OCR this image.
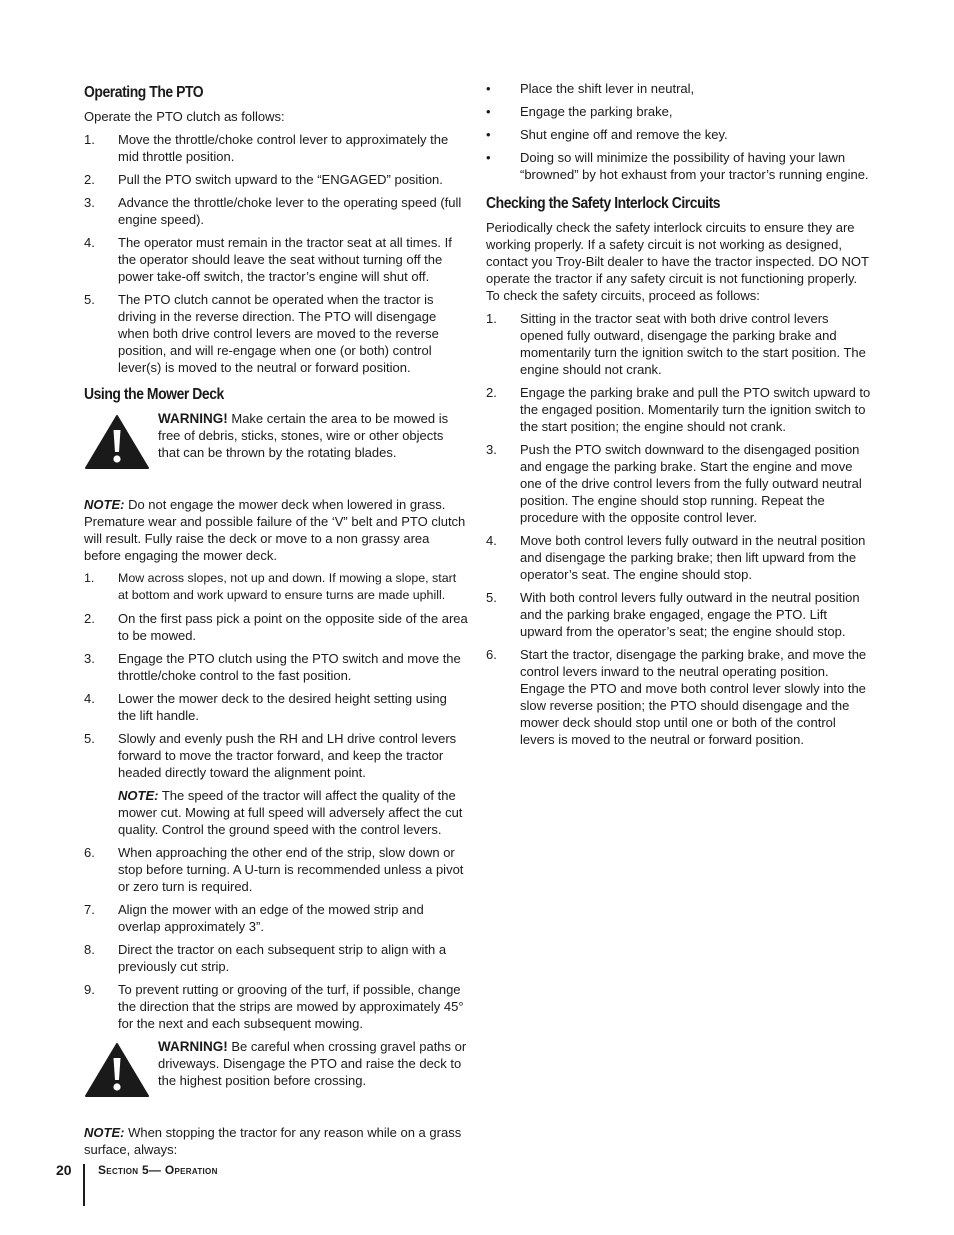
Operating The PTO

Operate the PTO clutch as follows:

1. Move the throttle/choke control lever to approximately the mid throttle position.
2. Pull the PTO switch upward to the “ENGAGED” position.
3. Advance the throttle/choke lever to the operating speed (full engine speed).
4. The operator must remain in the tractor seat at all times. If the operator should leave the seat without turning off the power take-off switch, the tractor’s engine will shut off.
5. The PTO clutch cannot be operated when the tractor is driving in the reverse direction. The PTO will disengage when both drive control levers are moved to the reverse position, and will re-engage when one (or both) control lever(s) is moved to the neutral or forward position.
Using the Mower Deck
WARNING! Make certain the area to be mowed is free of debris, sticks, stones, wire or other objects that can be thrown by the rotating blades.

NOTE: Do not engage the mower deck when lowered in grass. Premature wear and possible failure of the ‘V” belt and PTO clutch will result. Fully raise the deck or move to a non grassy area before engaging the mower deck.

1. Mow across slopes, not up and down. If mowing a slope, start at bottom and work upward to ensure turns are made uphill.
2. On the first pass pick a point on the opposite side of the area to be mowed.
3. Engage the PTO clutch using the PTO switch and move the throttle/choke control to the fast position.
4. Lower the mower deck to the desired height setting using the lift handle.
5. Slowly and evenly push the RH and LH drive control levers forward to move the tractor forward, and keep the tractor headed directly toward the alignment point.
NOTE: The speed of the tractor will affect the quality of the mower cut. Mowing at full speed will adversely affect the cut quality. Control the ground speed with the control levers.
6. When approaching the other end of the strip, slow down or stop before turning. A U-turn is recommended unless a pivot or zero turn is required.
7. Align the mower with an edge of the mowed strip and overlap approximately 3”.
8. Direct the tractor on each subsequent strip to align with a previously cut strip.
9. To prevent rutting or grooving of the turf, if possible, change the direction that the strips are mowed by approximately 45° for the next and each subsequent mowing.
WARNING! Be careful when crossing gravel paths or driveways. Disengage the PTO and raise the deck to the highest position before crossing.

NOTE: When stopping the tractor for any reason while on a grass surface, always:

• Place the shift lever in neutral,
• Engage the parking brake,
• Shut engine off and remove the key.
• Doing so will minimize the possibility of having your lawn “browned” by hot exhaust from your tractor’s running engine.
Checking the Safety Interlock Circuits

Periodically check the safety interlock circuits to ensure they are working properly. If a safety circuit is not working as designed, contact you Troy-Bilt dealer to have the tractor inspected. DO NOT operate the tractor if any safety circuit is not functioning properly. To check the safety circuits, proceed as follows:

1. Sitting in the tractor seat with both drive control levers opened fully outward, disengage the parking brake and momentarily turn the ignition switch to the start position. The engine should not crank.
2. Engage the parking brake and pull the PTO switch upward to the engaged position. Momentarily turn the ignition switch to the start position; the engine should not crank.
3. Push the PTO switch downward to the disengaged position and engage the parking brake. Start the engine and move one of the drive control levers from the fully outward neutral position. The engine should stop running. Repeat the procedure with the opposite control lever.
4. Move both control levers fully outward in the neutral position and disengage the parking brake; then lift upward from the operator’s seat. The engine should stop.
5. With both control levers fully outward in the neutral position and the parking brake engaged, engage the PTO. Lift upward from the operator’s seat; the engine should stop.
6. Start the tractor, disengage the parking brake, and move the control levers inward to the neutral operating position. Engage the PTO and move both control lever slowly into the slow reverse position; the PTO should disengage and the mower deck should stop until one or both of the control levers is moved to the neutral or forward position.
20 Section 5— Operation
